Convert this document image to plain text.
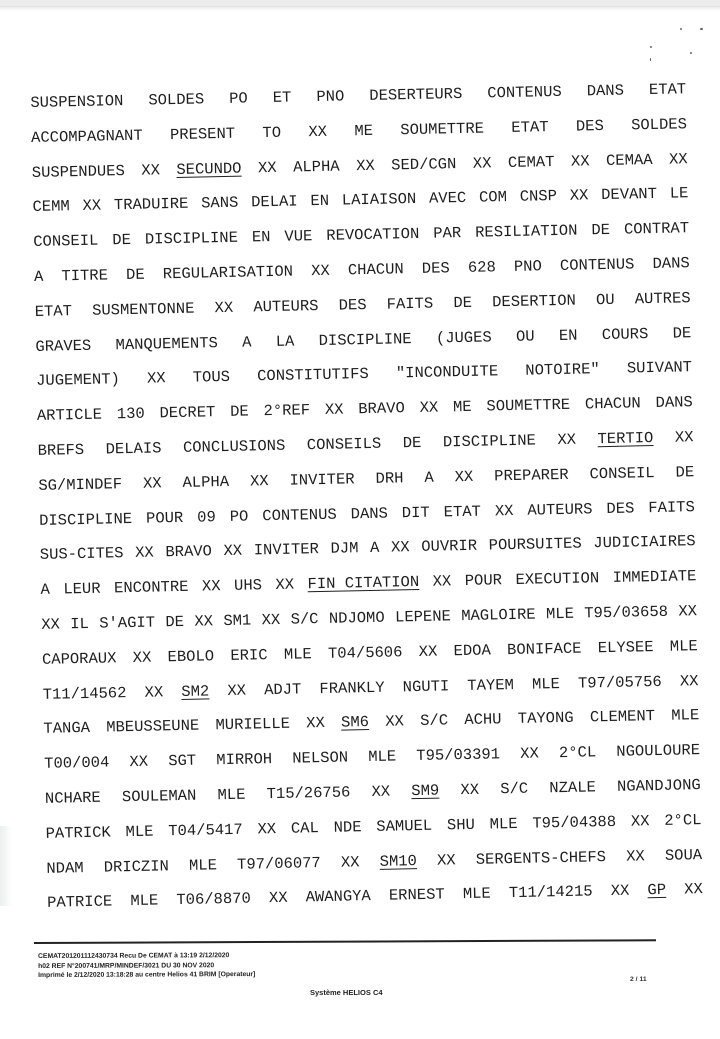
SUSPENSION SOLDES PO ET PNO DESERTEURS CONTENUS DANS ETAT
ACCOMPAGNANT PRESENT TO XX ME SOUMETTRE ETAT DES SOLDES
SUSPENDUES XX SECUNDO XX ALPHA XX SED/CGN XX CEMAT XX CEMAA XX
CEMM XX TRADUIRE SANS DELAI EN LAIAISON AVEC COM CNSP XX DEVANT LE
CONSEIL DE DISCIPLINE EN VUE REVOCATION PAR RESILIATION DE CONTRAT
A TITRE DE REGULARISATION XX CHACUN DES 628 PNO CONTENUS DANS
ETAT SUSMENTONNE XX AUTEURS DES FAITS DE DESERTION OU AUTRES
GRAVES MANQUEMENTS A LA DISCIPLINE (JUGES OU EN COURS DE
JUGEMENT) XX TOUS CONSTITUTIFS "INCONDUITE NOTOIRE" SUIVANT
ARTICLE 130 DECRET DE 2°REF XX BRAVO XX ME SOUMETTRE CHACUN DANS
BREFS DELAIS CONCLUSIONS CONSEILS DE DISCIPLINE XX TERTIO XX
SG/MINDEF XX ALPHA XX INVITER DRH A XX PREPARER CONSEIL DE
DISCIPLINE POUR 09 PO CONTENUS DANS DIT ETAT XX AUTEURS DES FAITS
SUS-CITES XX BRAVO XX INVITER DJM A XX OUVRIR POURSUITES JUDICIAIRES
A LEUR ENCONTRE XX UHS XX FIN CITATION XX POUR EXECUTION IMMEDIATE
XX IL S'AGIT DE XX SM1 XX S/C NDJOMO LEPENE MAGLOIRE MLE T95/03658 XX
CAPORAUX XX EBOLO ERIC MLE T04/5606 XX EDOA BONIFACE ELYSEE MLE
T11/14562 XX SM2 XX ADJT FRANKLY NGUTI TAYEM MLE T97/05756 XX
TANGA MBEUSSEUNE MURIELLE XX SM6 XX S/C ACHU TAYONG CLEMENT MLE
T00/004 XX SGT MIRROH NELSON MLE T95/03391 XX 2°CL NGOULOURE
NCHARE SOULEMAN MLE T15/26756 XX SM9 XX S/C NZALE NGANDJONG
PATRICK MLE T04/5417 XX CAL NDE SAMUEL SHU MLE T95/04388 XX 2°CL
NDAM DRICZIN MLE T97/06077 XX SM10 XX SERGENTS-CHEFS XX SOUA
PATRICE MLE T06/8870 XX AWANGYA ERNEST MLE T11/14215 XX GP XX
CEMAT201201112430734 Recu De CEMAT à 13:19 2/12/2020
h02 REF N°200741/MRP/MINDEF/3021 DU 30 NOV 2020
Imprimé le 2/12/2020 13:18:28 au centre Helios 41 BRIM [Operateur]
2 / 11
Système HELIOS C4
